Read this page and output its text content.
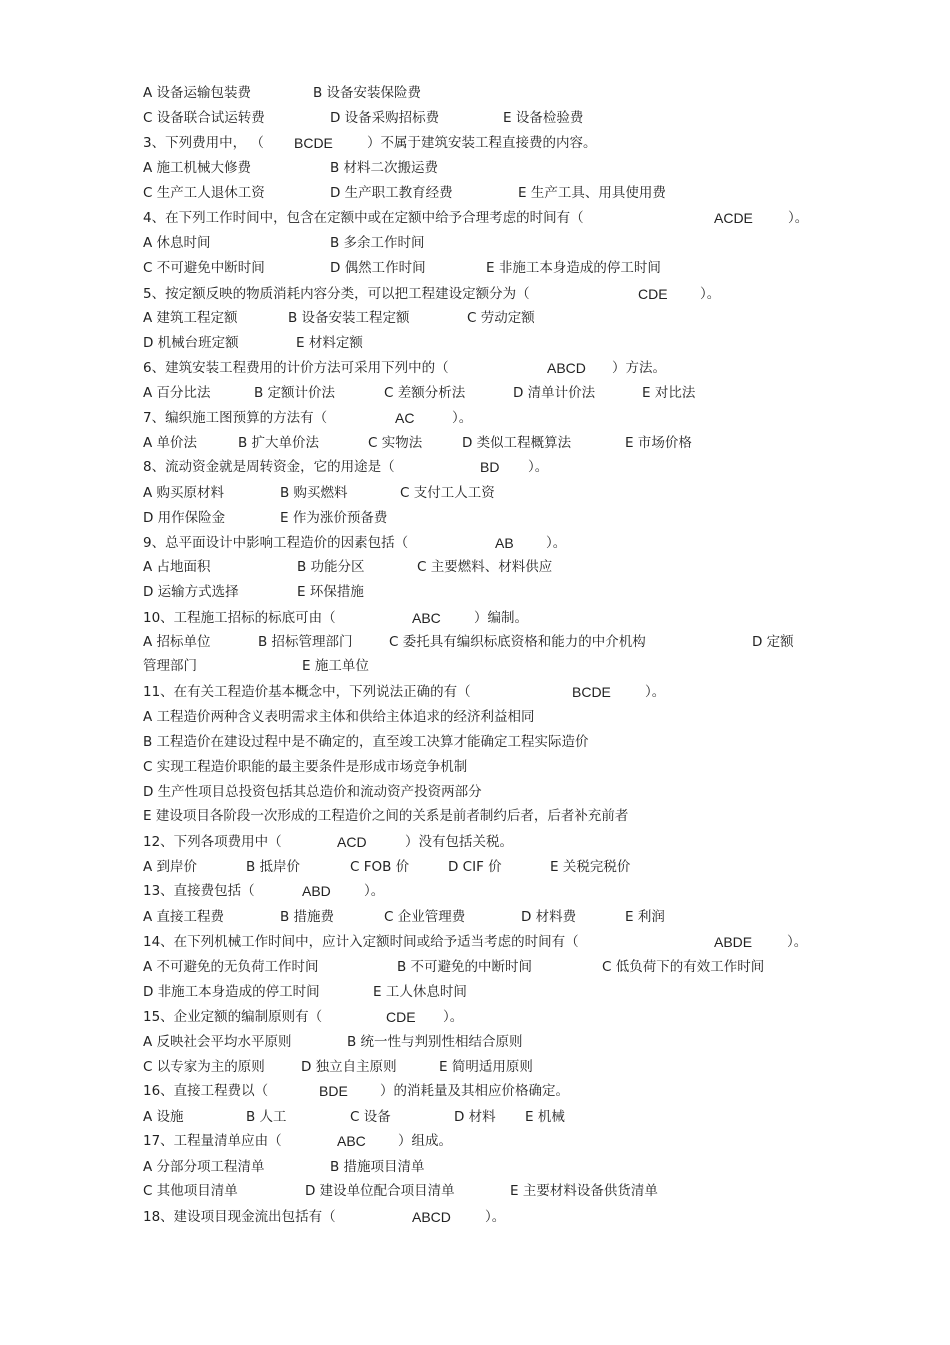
A 设备运输包装费	B 设备安装保险费
C 设备联合试运转费	D 设备采购招标费	E 设备检验费
3、下列费用中， （ BCDE	）不属于建筑安装工程直接费的内容。
A 施工机械大修费	B 材料二次搬运费
C 生产工人退休工资	D 生产职工教育经费	E 生产工具、用具使用费
4、在下列工作时间中，包含在定额中或在定额中给予合理考虑的时间有（	ACDE	）。
A 休息时间	B 多余工作时间
C 不可避免中断时间	D 偶然工作时间	E 非施工本身造成的停工时间
5、按定额反映的物质消耗内容分类，可以把工程建设定额分为（	CDE ）。
A 建筑工程定额	B 设备安装工程定额	C 劳动定额
D 机械台班定额	E 材料定额
6、建筑安装工程费用的计价方法可采用下列中的（	ABCD ）方法。
A 百分比法	B 定额计价法	C 差额分析法	D 清单计价法	E 对比法
7、编织施工图预算的方法有（	AC	）。
A 单价法	B 扩大单价法	C 实物法	D 类似工程概算法	E 市场价格
8、流动资金就是周转资金，它的用途是（	BD ）。
A 购买原材料	B 购买燃料	C 支付工人工资
D 用作保险金	E 作为涨价预备费
9、总平面设计中影响工程造价的因素包括（	AB ）。
A 占地面积	B 功能分区	C 主要燃料、材料供应
D 运输方式选择	E 环保措施
10、工程施工招标的标底可由（	ABC ）编制。
A 招标单位	B 招标管理部门	C 委托具有编织标底资格和能力的中介机构	D 定额
管理部门	E 施工单位
11、在有关工程造价基本概念中，下列说法正确的有（	BCDE	）。
A 工程造价两种含义表明需求主体和供给主体追求的经济利益相同
B 工程造价在建设过程中是不确定的，直至竣工决算才能确定工程实际造价
C 实现工程造价职能的最主要条件是形成市场竞争机制
D 生产性项目总投资包括其总造价和流动资产投资两部分
E 建设项目各阶段一次形成的工程造价之间的关系是前者制约后者，后者补充前者
12、下列各项费用中（	ACD	）没有包括关税。
A 到岸价	B 抵岸价	C FOB 价	D CIF 价	E 关税完税价
13、直接费包括（	ABD ）。
A 直接工程费	B 措施费	C 企业管理费	D 材料费	E 利润
14、在下列机械工作时间中，应计入定额时间或给予适当考虑的时间有（	ABDE	）。
A 不可避免的无负荷工作时间	B 不可避免的中断时间	C 低负荷下的有效工作时间
D 非施工本身造成的停工时间	E 工人休息时间
15、企业定额的编制原则有（	CDE ）。
A 反映社会平均水平原则	B 统一性与判别性相结合原则
C 以专家为主的原则	D 独立自主原则	E 简明适用原则
16、直接工程费以（	BDE ）的消耗量及其相应价格确定。
A 设施	B 人工	C 设备	D 材料 E 机械
17、工程量清单应由（	ABC ）组成。
A 分部分项工程清单	B 措施项目清单
C 其他项目清单	D 建设单位配合项目清单	E 主要材料设备供货清单
18、建设项目现金流出包括有（	ABCD	）。
